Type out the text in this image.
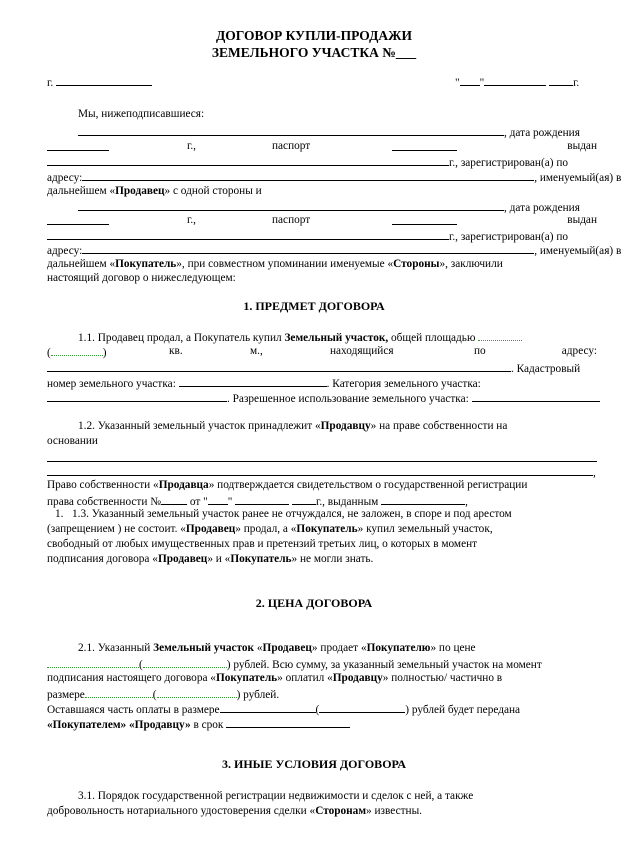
ДОГОВОР КУПЛИ-ПРОДАЖИ
ЗЕМЕЛЬНОГО УЧАСТКА №___
г.	" "	г.
Мы, нижеподписавшиеся:
, дата рождения
г.,	паспорт	выдан
г., зарегистрирован(а) по
адресу:	, именуемый(ая) в
дальнейшем «Продавец» с одной стороны и
, дата рождения
г.,	паспорт	выдан
г., зарегистрирован(а) по
адресу:	, именуемый(ая) в
дальнейшем «Покупатель», при совместном упоминании именуемые «Стороны», заключили
настоящий договор о нижеследующем:
1. ПРЕДМЕТ ДОГОВОРА
1.1. Продавец продал, а Покупатель купил Земельный участок, общей площадью
(	)	кв.	м.,	находящийся	по	адресу:
. Кадастровый
номер земельного участка:	. Категория земельного участка:
. Разрешенное использование земельного участка:
1.2. Указанный земельный участок принадлежит «Продавцу» на праве собственности на
основании
,
Право собственности «Продавца» подтверждается свидетельством о государственной регистрации
права собственности №	от " "	г., выданным	,
1. 1.3. Указанный земельный участок ранее не отчуждался, не заложен, в споре и под арестом
(запрещением ) не состоит. «Продавец» продал, а «Покупатель» купил земельный участок,
свободный от любых имущественных прав и претензий третьих лиц, о которых в момент
подписания договора «Продавец» и «Покупатель» не могли знать.
2. ЦЕНА ДОГОВОРА
2.1. Указанный Земельный участок «Продавец» продает «Покупателю» по цене
(	) рублей. Всю сумму, за указанный земельный участок на момент
подписания настоящего договора «Покупатель» оплатил «Продавцу» полностью/ частично в
размере	(	) рублей.
Оставшаяся часть оплаты в размере	(	) рублей будет передана
«Покупателем» «Продавцу» в срок
3. ИНЫЕ УСЛОВИЯ ДОГОВОРА
3.1. Порядок государственной регистрации недвижимости и сделок с ней, а также
добровольность нотариального удостоверения сделки «Сторонам» известны.
